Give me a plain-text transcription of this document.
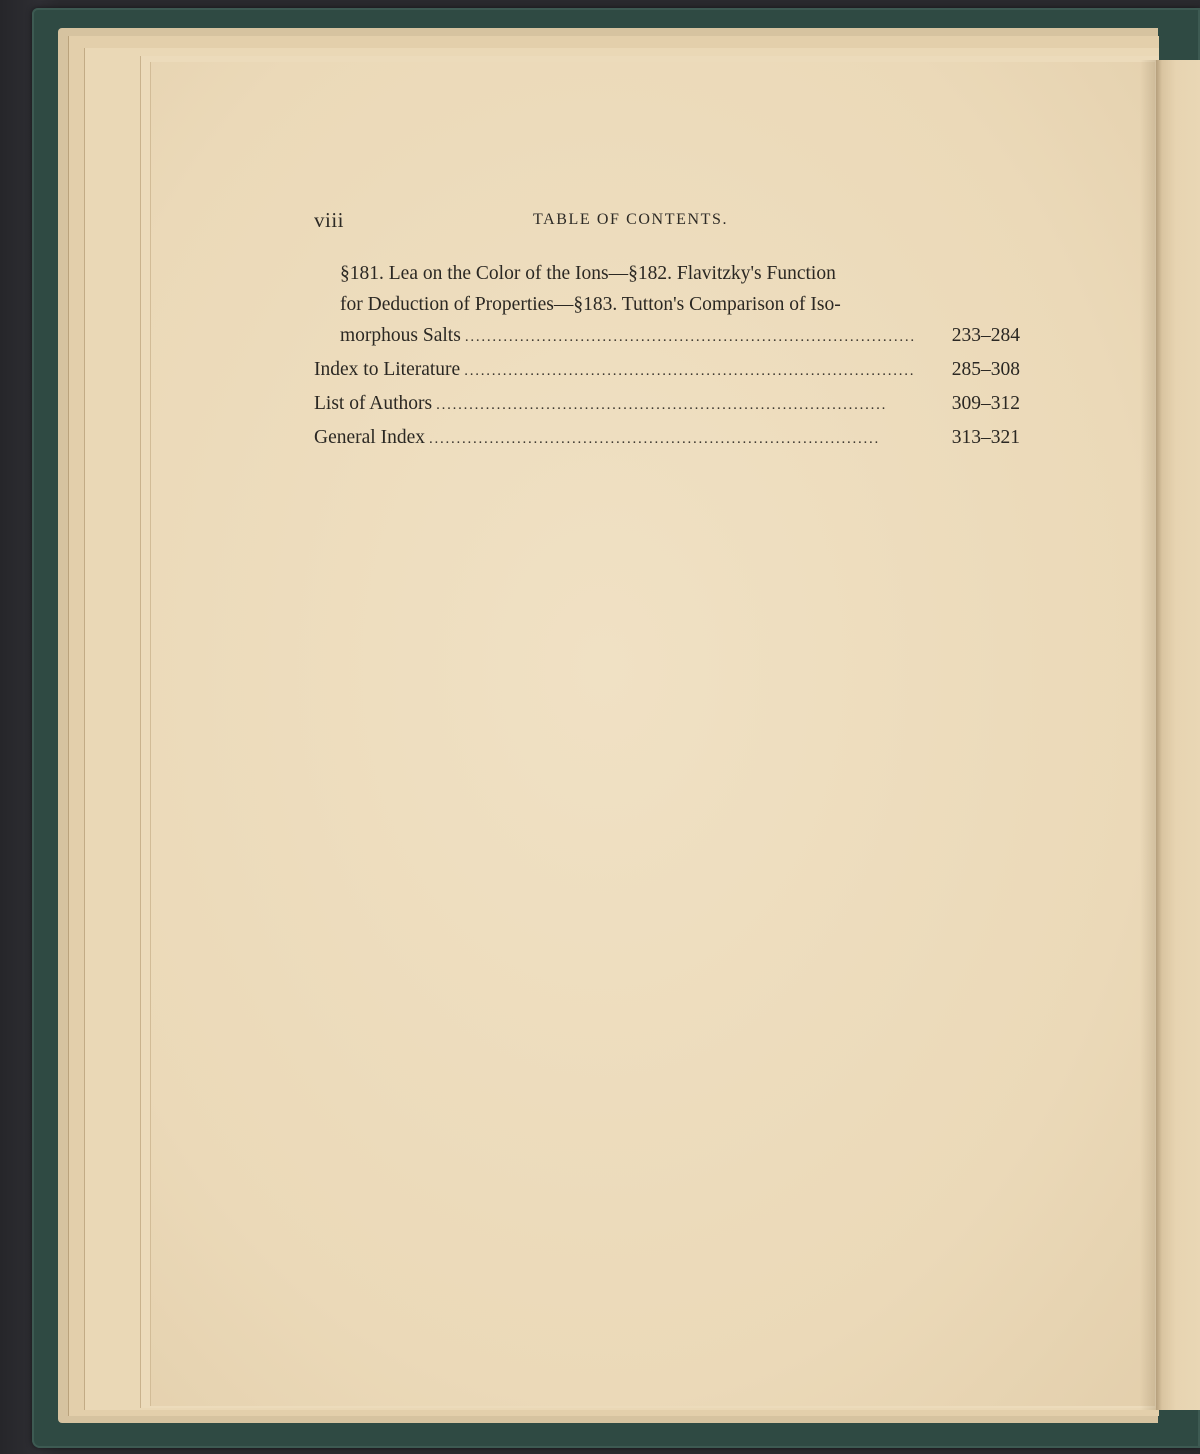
viii	TABLE OF CONTENTS.
§181. Lea on the Color of the Ions—§182. Flavitzky's Function
for Deduction of Properties—§183. Tutton's Comparison of Iso-
morphous Salts . . .	233–284
Index to Literature . . .	285–308
List of Authors . . .	309–312
General Index . . .	313–321
